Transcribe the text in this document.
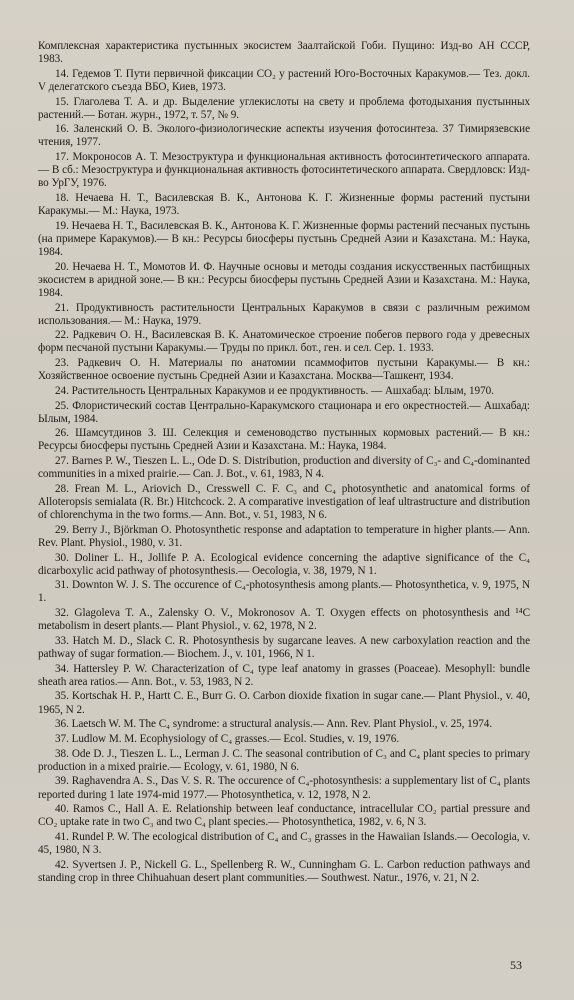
Комплексная характеристика пустынных экосистем Заалтайской Гоби. Пущино: Изд-во АН СССР, 1983.

14. Гедемов Т. Пути первичной фиксации CO₂ у растений Юго-Восточных Каракумов.— Тез. докл. V делегатского съезда ВБО, Киев, 1973.

15. Глаголева Т. А. и др. Выделение углекислоты на свету и проблема фотодыхания пустынных растений.— Ботан. журн., 1972, т. 57, № 9.

16. Заленский О. В. Эколого-физиологические аспекты изучения фотосинтеза. 37 Тимирязевские чтения, 1977.

17. Мокроносов А. Т. Мезоструктура и функциональная активность фотосинтетического аппарата.— В сб.: Мезоструктура и функциональная активность фотосинтетического аппарата. Свердловск: Изд-во УрГУ, 1976.

18. Нечаева Н. Т., Василевская В. К., Антонова К. Г. Жизненные формы растений пустыни Каракумы.— М.: Наука, 1973.

19. Нечаева Н. Т., Василевская В. К., Антонова К. Г. Жизненные формы растений песчаных пустынь (на примере Каракумов).— В кн.: Ресурсы биосферы пустынь Средней Азии и Казахстана. М.: Наука, 1984.

20. Нечаева Н. Т., Момотов И. Ф. Научные основы и методы создания искусственных пастбищных экосистем в аридной зоне.— В кн.: Ресурсы биосферы пустынь Средней Азии и Казахстана. М.: Наука, 1984.

21. Продуктивность растительности Центральных Каракумов в связи с различным режимом использования.— М.: Наука, 1979.

22. Радкевич О. Н., Василевская В. К. Анатомическое строение побегов первого года у древесных форм песчаной пустыни Каракумы.— Труды по прикл. бот., ген. и сел. Сер. 1. 1933.

23. Радкевич О. Н. Материалы по анатомии псаммофитов пустыни Каракумы.— В кн.: Хозяйственное освоение пустынь Средней Азии и Казахстана. Москва—Ташкент, 1934.

24. Растительность Центральных Каракумов и ее продуктивность. — Ашхабад: Ылым, 1970.

25. Флористический состав Центрально-Каракумского стационара и его окрестностей.— Ашхабад: Ылым, 1984.

26. Шамсутдинов З. Ш. Селекция и семеноводство пустынных кормовых растений.— В кн.: Ресурсы биосферы пустынь Средней Азии и Казахстана. М.: Наука, 1984.

27. Barnes P. W., Tieszen L. L., Ode D. S. Distribution, production and diversity of C₃- and C₄-dominanted communities in a mixed prairie.— Can. J. Bot., v. 61, 1983, N 4.

28. Frean M. L., Ariovich D., Cresswell C. F. C₃ and C₄ photosynthetic and anatomical forms of Alloteropsis semialata (R. Br.) Hitchcock. 2. A comparative investigation of leaf ultrastructure and distribution of chlorenchyma in the two forms.— Ann. Bot., v. 51, 1983, N 6.

29. Berry J., Björkman O. Photosynthetic response and adaptation to temperature in higher plants.— Ann. Rev. Plant. Physiol., 1980, v. 31.

30. Doliner L. H., Jollife P. A. Ecological evidence concerning the adaptive significance of the C₄ dicarboxylic acid pathway of photosynthesis.— Oecologia, v. 38, 1979, N 1.

31. Downton W. J. S. The occurence of C₄-photosynthesis among plants.— Photosynthetica, v. 9, 1975, N 1.

32. Glagoleva T. A., Zalensky O. V., Mokronosov A. T. Oxygen effects on photosynthesis and ¹⁴C metabolism in desert plants.— Plant Physiol., v. 62, 1978, N 2.

33. Hatch M. D., Slack C. R. Photosynthesis by sugarcane leaves. A new carboxylation reaction and the pathway of sugar formation.— Biochem. J., v. 101, 1966, N 1.

34. Hattersley P. W. Characterization of C₄ type leaf anatomy in grasses (Poaceae). Mesophyll: bundle sheath area ratios.— Ann. Bot., v. 53, 1983, N 2.

35. Kortschak H. P., Hartt C. E., Burr G. O. Carbon dioxide fixation in sugar cane.— Plant Physiol., v. 40, 1965, N 2.

36. Laetsch W. M. The C₄ syndrome: a structural analysis.— Ann. Rev. Plant Physiol., v. 25, 1974.

37. Ludlow M. M. Ecophysiology of C₄ grasses.— Ecol. Studies, v. 19, 1976.

38. Ode D. J., Tieszen L. L., Lerman J. C. The seasonal contribution of C₃ and C₄ plant species to primary production in a mixed prairie.— Ecology, v. 61, 1980, N 6.

39. Raghavendra A. S., Das V. S. R. The occurence of C₄-photosynthesis: a supplementary list of C₄ plants reported during 1 late 1974-mid 1977.— Photosynthetica, v. 12, 1978, N 2.

40. Ramos C., Hall A. E. Relationship between leaf conductance, intracellular CO₂ partial pressure and CO₂ uptake rate in two C₃ and two C₄ plant species.— Photosynthetica, 1982, v. 6, N 3.

41. Rundel P. W. The ecological distribution of C₄ and C₃ grasses in the Hawaiian Islands.— Oecologia, v. 45, 1980, N 3.

42. Syvertsen J. P., Nickell G. L., Spellenberg R. W., Cunningham G. L. Carbon reduction pathways and standing crop in three Chihuahuan desert plant communities.— Southwest. Natur., 1976, v. 21, N 2.

53
